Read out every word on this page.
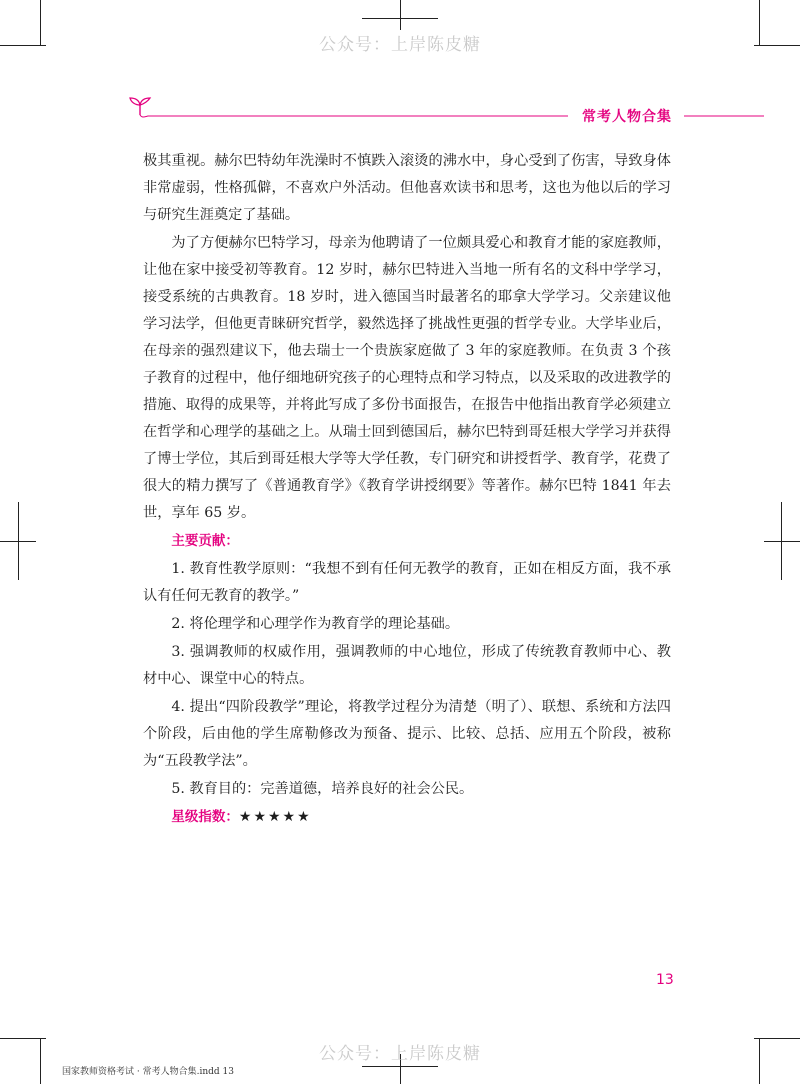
公众号：上岸陈皮糖
公众号：上岸陈皮糖
常考人物合集

极其重视。赫尔巴特幼年洗澡时不慎跌入滚烫的沸水中，身心受到了伤害，导致身体非常虚弱，性格孤僻，不喜欢户外活动。但他喜欢读书和思考，这也为他以后的学习与研究生涯奠定了基础。

为了方便赫尔巴特学习，母亲为他聘请了一位颇具爱心和教育才能的家庭教师，让他在家中接受初等教育。12 岁时，赫尔巴特进入当地一所有名的文科中学学习，接受系统的古典教育。18 岁时，进入德国当时最著名的耶拿大学学习。父亲建议他学习法学，但他更青睐研究哲学，毅然选择了挑战性更强的哲学专业。大学毕业后，在母亲的强烈建议下，他去瑞士一个贵族家庭做了 3 年的家庭教师。在负责 3 个孩子教育的过程中，他仔细地研究孩子的心理特点和学习特点，以及采取的改进教学的措施、取得的成果等，并将此写成了多份书面报告，在报告中他指出教育学必须建立在哲学和心理学的基础之上。从瑞士回到德国后，赫尔巴特到哥廷根大学学习并获得了博士学位，其后到哥廷根大学等大学任教，专门研究和讲授哲学、教育学，花费了很大的精力撰写了《普通教育学》《教育学讲授纲要》等著作。赫尔巴特 1841 年去世，享年 65 岁。

主要贡献：

1. 教育性教学原则：“我想不到有任何无教学的教育，正如在相反方面，我不承认有任何无教育的教学。”

2. 将伦理学和心理学作为教育学的理论基础。

3. 强调教师的权威作用，强调教师的中心地位，形成了传统教育教师中心、教材中心、课堂中心的特点。

4. 提出“四阶段教学”理论，将教学过程分为清楚（明了）、联想、系统和方法四个阶段，后由他的学生席勒修改为预备、提示、比较、总括、应用五个阶段，被称为“五段教学法”。

5. 教育目的：完善道德，培养良好的社会公民。

星级指数：★★★★★

13
国家教师资格考试 · 常考人物合集.indd 13
